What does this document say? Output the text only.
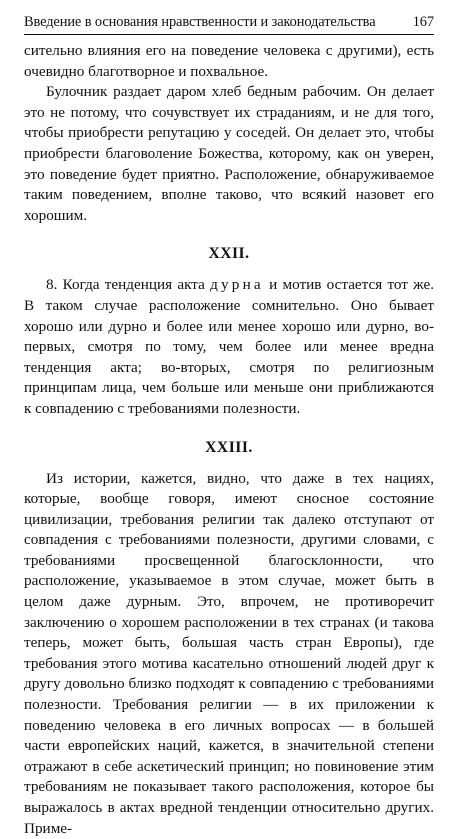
Введение в основания нравственности и законодательства	167

сительно влияния его на поведение человека с другими), есть очевидно благотворное и похвальное.

Булочник раздает даром хлеб бедным рабочим. Он делает это не потому, что сочувствует их страданиям, и не для того, чтобы приобрести репутацию у соседей. Он делает это, чтобы приобрести благоволение Божества, которому, как он уверен, это поведение будет приятно. Расположение, обнаруживаемое таким поведением, вполне таково, что всякий назовет его хорошим.

XXII.

8. Когда тенденция акта дурна и мотив остается тот же. В таком случае расположение сомнительно. Оно бывает хорошо или дурно и более или менее хорошо или дурно, во-первых, смотря по тому, чем более или менее вредна тенденция акта; во-вторых, смотря по религиозным принципам лица, чем больше или меньше они приближаются к совпадению с требованиями полезности.

XXIII.

Из истории, кажется, видно, что даже в тех нациях, которые, вообще говоря, имеют сносное состояние цивилизации, требования религии так далеко отступают от совпадения с требованиями полезности, другими словами, с требованиями просвещенной благосклонности, что расположение, указываемое в этом случае, может быть в целом даже дурным. Это, впрочем, не противоречит заключению о хорошем расположении в тех странах (и такова теперь, может быть, большая часть стран Европы), где требования этого мотива касательно отношений людей друг к другу довольно близко подходят к совпадению с требованиями полезности. Требования религии — в их приложении к поведению человека в его личных вопросах — в большей части европейских наций, кажется, в значительной степени отражают в себе аскетический принцип; но повиновение этим требованиям не показывает такого расположения, которое бы выражалось в актах вредной тенденции относительно других. Приме-
